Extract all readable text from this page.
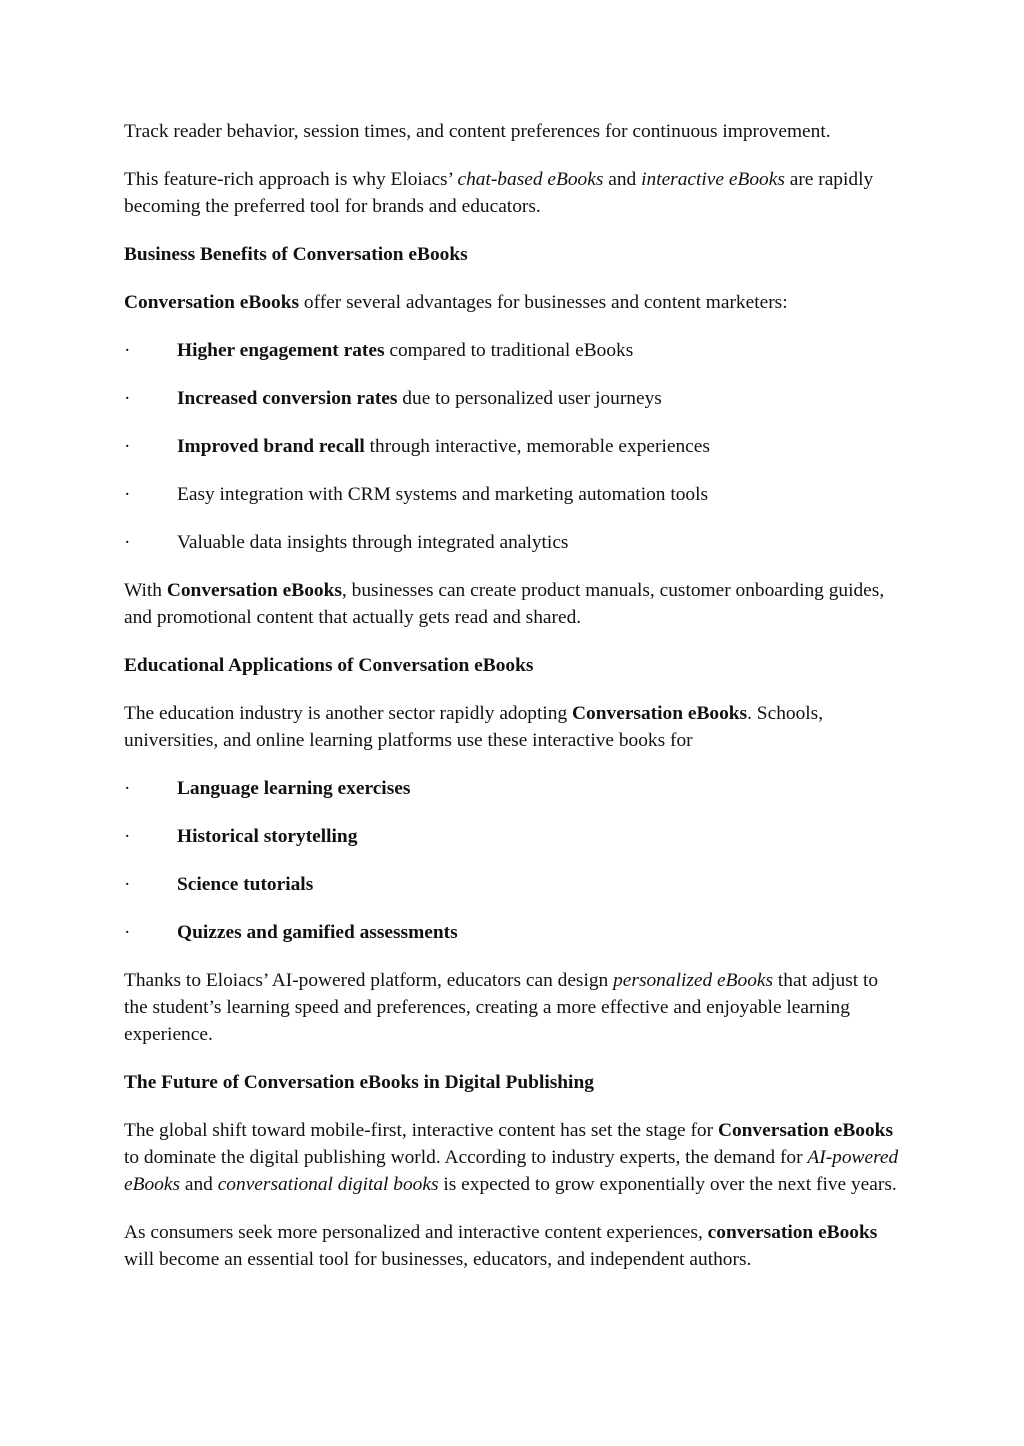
Track reader behavior, session times, and content preferences for continuous improvement.

This feature-rich approach is why Eloiacs’ chat-based eBooks and interactive eBooks are rapidly becoming the preferred tool for brands and educators.

Business Benefits of Conversation eBooks

Conversation eBooks offer several advantages for businesses and content marketers:

·	Higher engagement rates compared to traditional eBooks
·	Increased conversion rates due to personalized user journeys
·	Improved brand recall through interactive, memorable experiences
·	Easy integration with CRM systems and marketing automation tools
·	Valuable data insights through integrated analytics

With Conversation eBooks, businesses can create product manuals, customer onboarding guides, and promotional content that actually gets read and shared.

Educational Applications of Conversation eBooks

The education industry is another sector rapidly adopting Conversation eBooks. Schools, universities, and online learning platforms use these interactive books for

·	Language learning exercises
·	Historical storytelling
·	Science tutorials
·	Quizzes and gamified assessments

Thanks to Eloiacs’ AI-powered platform, educators can design personalized eBooks that adjust to the student’s learning speed and preferences, creating a more effective and enjoyable learning experience.

The Future of Conversation eBooks in Digital Publishing

The global shift toward mobile-first, interactive content has set the stage for Conversation eBooks to dominate the digital publishing world. According to industry experts, the demand for AI-powered eBooks and conversational digital books is expected to grow exponentially over the next five years.

As consumers seek more personalized and interactive content experiences, conversation eBooks will become an essential tool for businesses, educators, and independent authors.
